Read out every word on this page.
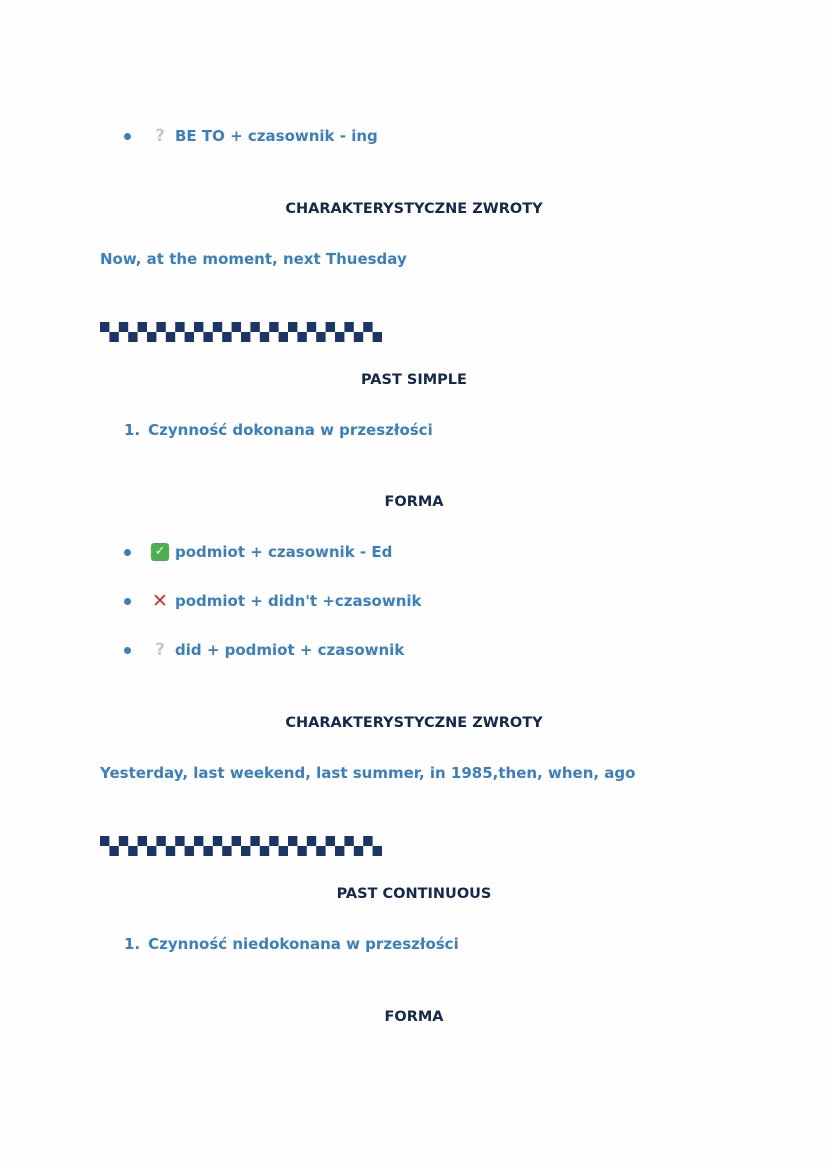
? BE TO + czasownik - ing
CHARAKTERYSTYCZNE ZWROTY
Now, at the moment, next Thuesday
PAST SIMPLE
1. Czynność dokonana w przeszłości
FORMA
✓ podmiot + czasownik - Ed
✕ podmiot + didn't +czasownik
? did + podmiot + czasownik
CHARAKTERYSTYCZNE ZWROTY
Yesterday, last weekend, last summer, in 1985,then, when, ago
PAST CONTINUOUS
1. Czynność niedokonana w przeszłości
FORMA
